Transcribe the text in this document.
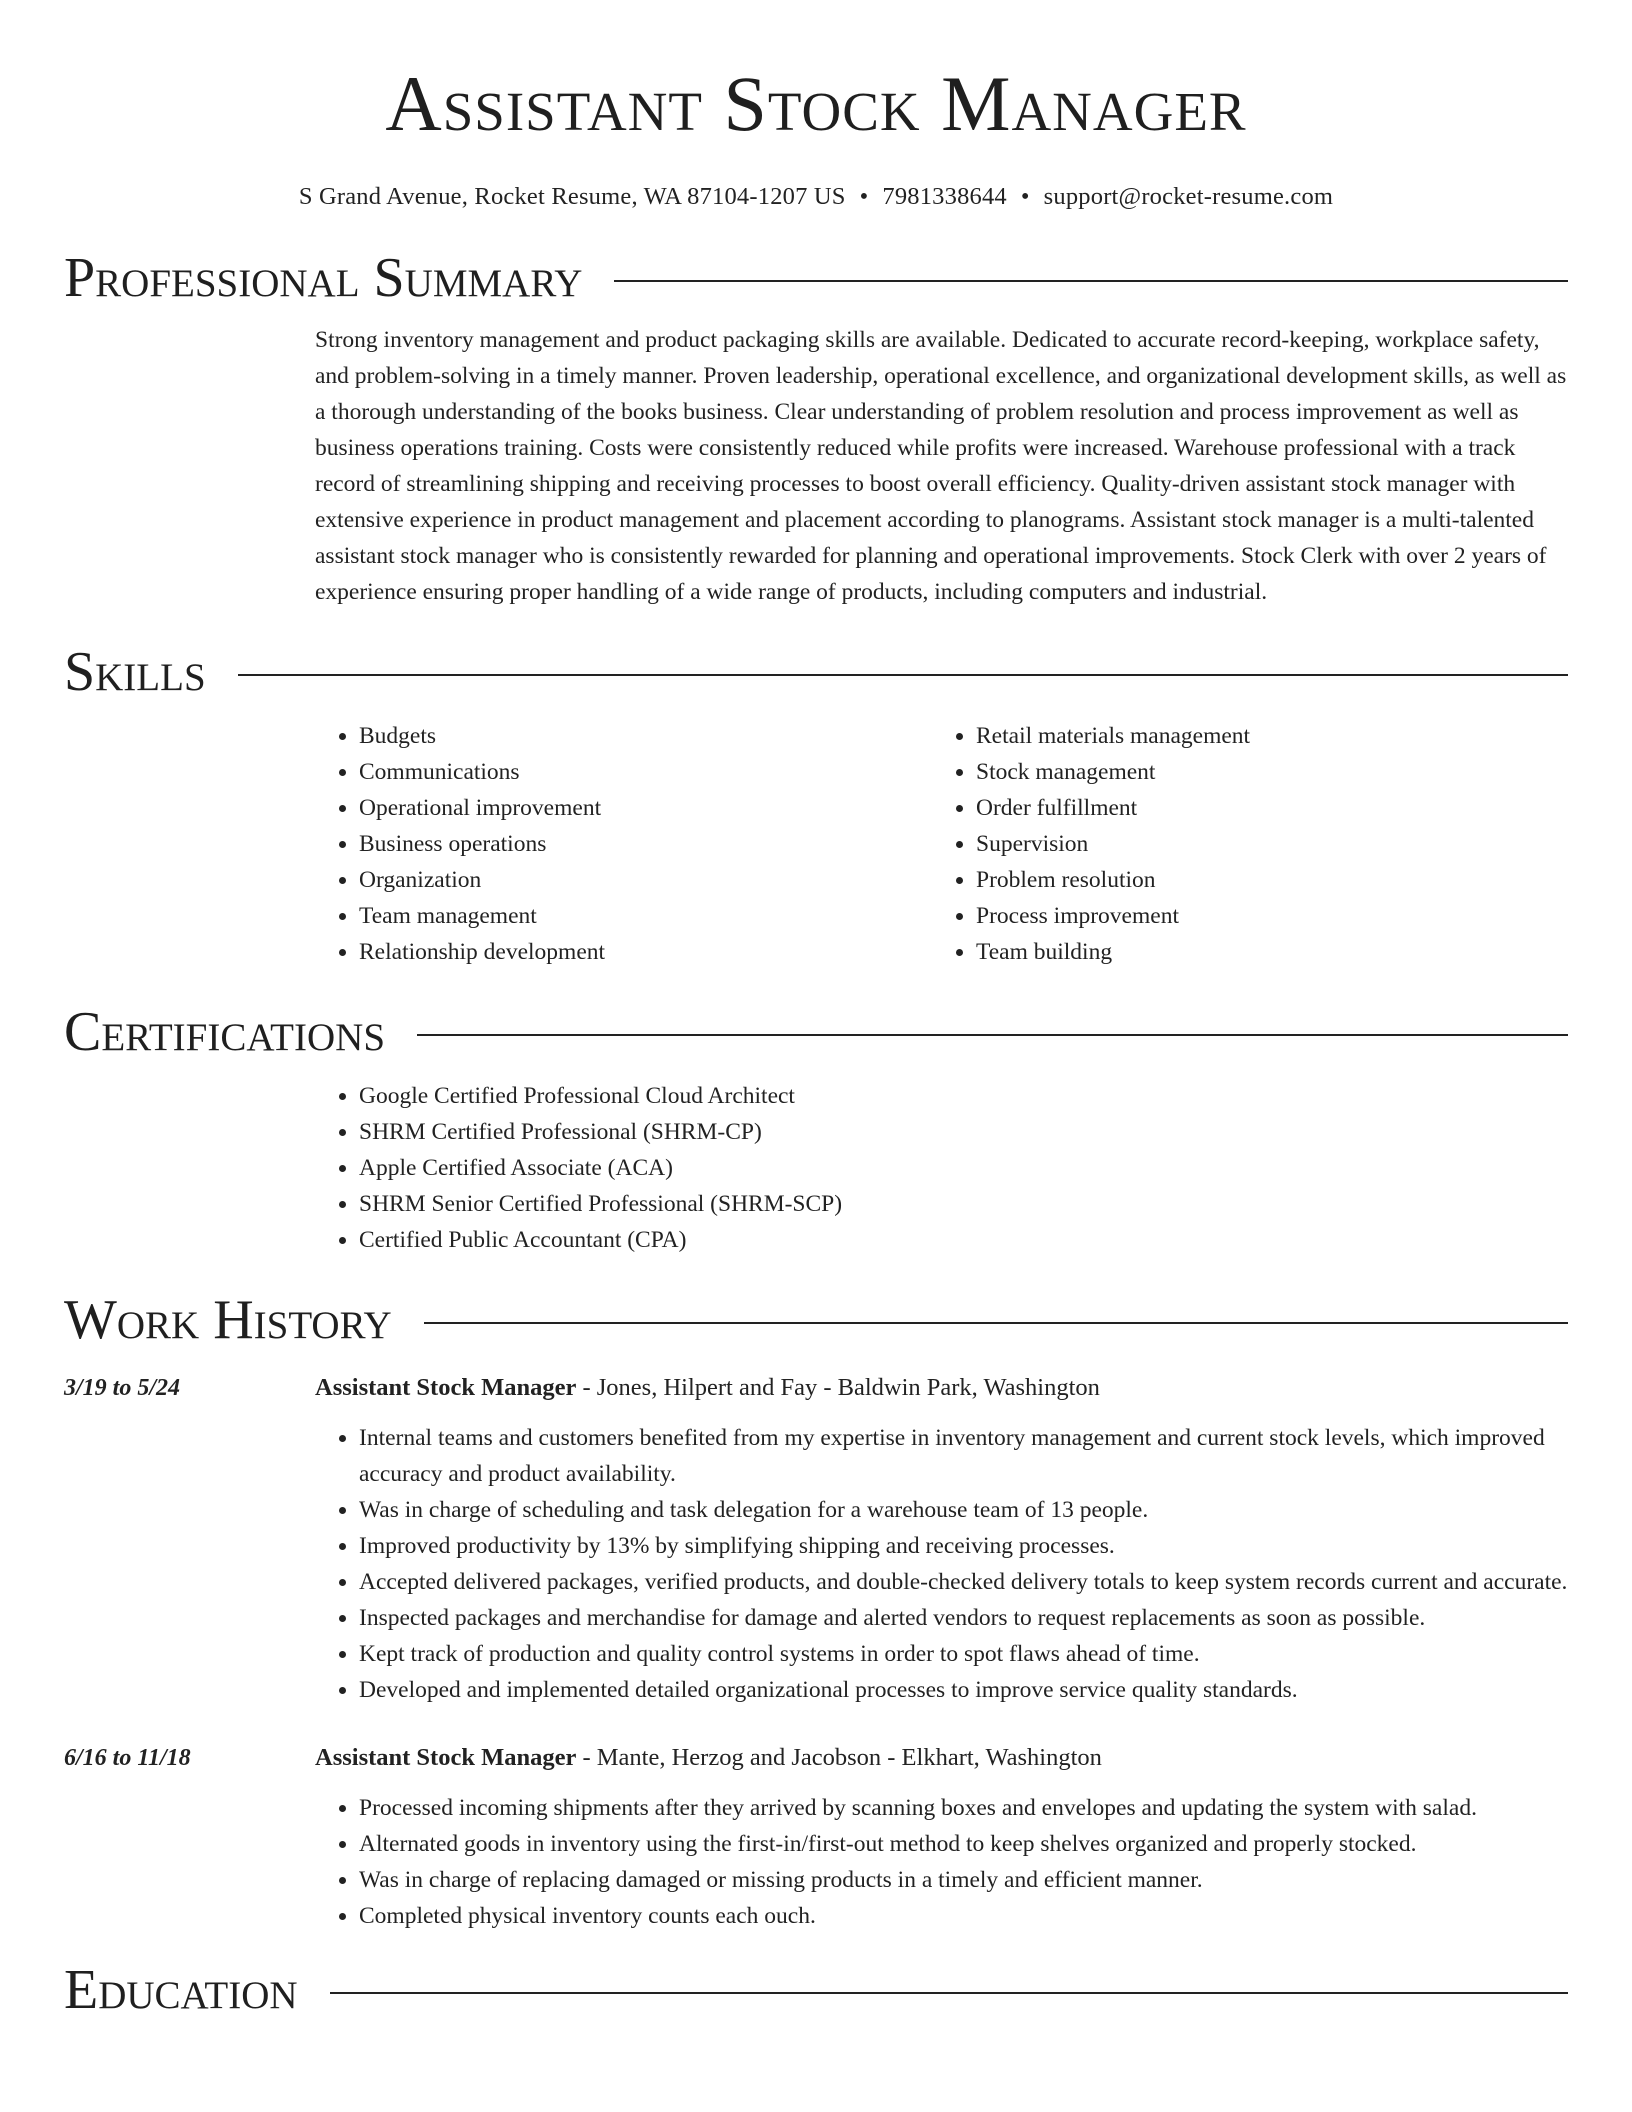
Assistant Stock Manager
S Grand Avenue, Rocket Resume, WA 87104-1207 US • 7981338644 • support@rocket-resume.com
Professional Summary

Strong inventory management and product packaging skills are available. Dedicated to accurate record-keeping, workplace safety, and problem-solving in a timely manner. Proven leadership, operational excellence, and organizational development skills, as well as a thorough understanding of the books business. Clear understanding of problem resolution and process improvement as well as business operations training. Costs were consistently reduced while profits were increased. Warehouse professional with a track record of streamlining shipping and receiving processes to boost overall efficiency. Quality-driven assistant stock manager with extensive experience in product management and placement according to planograms. Assistant stock manager is a multi-talented assistant stock manager who is consistently rewarded for planning and operational improvements. Stock Clerk with over 2 years of experience ensuring proper handling of a wide range of products, including computers and industrial.

Skills
• Budgets
• Communications
• Operational improvement
• Business operations
• Organization
• Team management
• Relationship development
• Retail materials management
• Stock management
• Order fulfillment
• Supervision
• Problem resolution
• Process improvement
• Team building
Certifications
• Google Certified Professional Cloud Architect
• SHRM Certified Professional (SHRM-CP)
• Apple Certified Associate (ACA)
• SHRM Senior Certified Professional (SHRM-SCP)
• Certified Public Accountant (CPA)
Work History
3/19 to 5/24	Assistant Stock Manager - Jones, Hilpert and Fay - Baldwin Park, Washington
• Internal teams and customers benefited from my expertise in inventory management and current stock levels, which improved accuracy and product availability.
• Was in charge of scheduling and task delegation for a warehouse team of 13 people.
• Improved productivity by 13% by simplifying shipping and receiving processes.
• Accepted delivered packages, verified products, and double-checked delivery totals to keep system records current and accurate.
• Inspected packages and merchandise for damage and alerted vendors to request replacements as soon as possible.
• Kept track of production and quality control systems in order to spot flaws ahead of time.
• Developed and implemented detailed organizational processes to improve service quality standards.
6/16 to 11/18	Assistant Stock Manager - Mante, Herzog and Jacobson - Elkhart, Washington
• Processed incoming shipments after they arrived by scanning boxes and envelopes and updating the system with salad.
• Alternated goods in inventory using the first-in/first-out method to keep shelves organized and properly stocked.
• Was in charge of replacing damaged or missing products in a timely and efficient manner.
• Completed physical inventory counts each ouch.
Education
